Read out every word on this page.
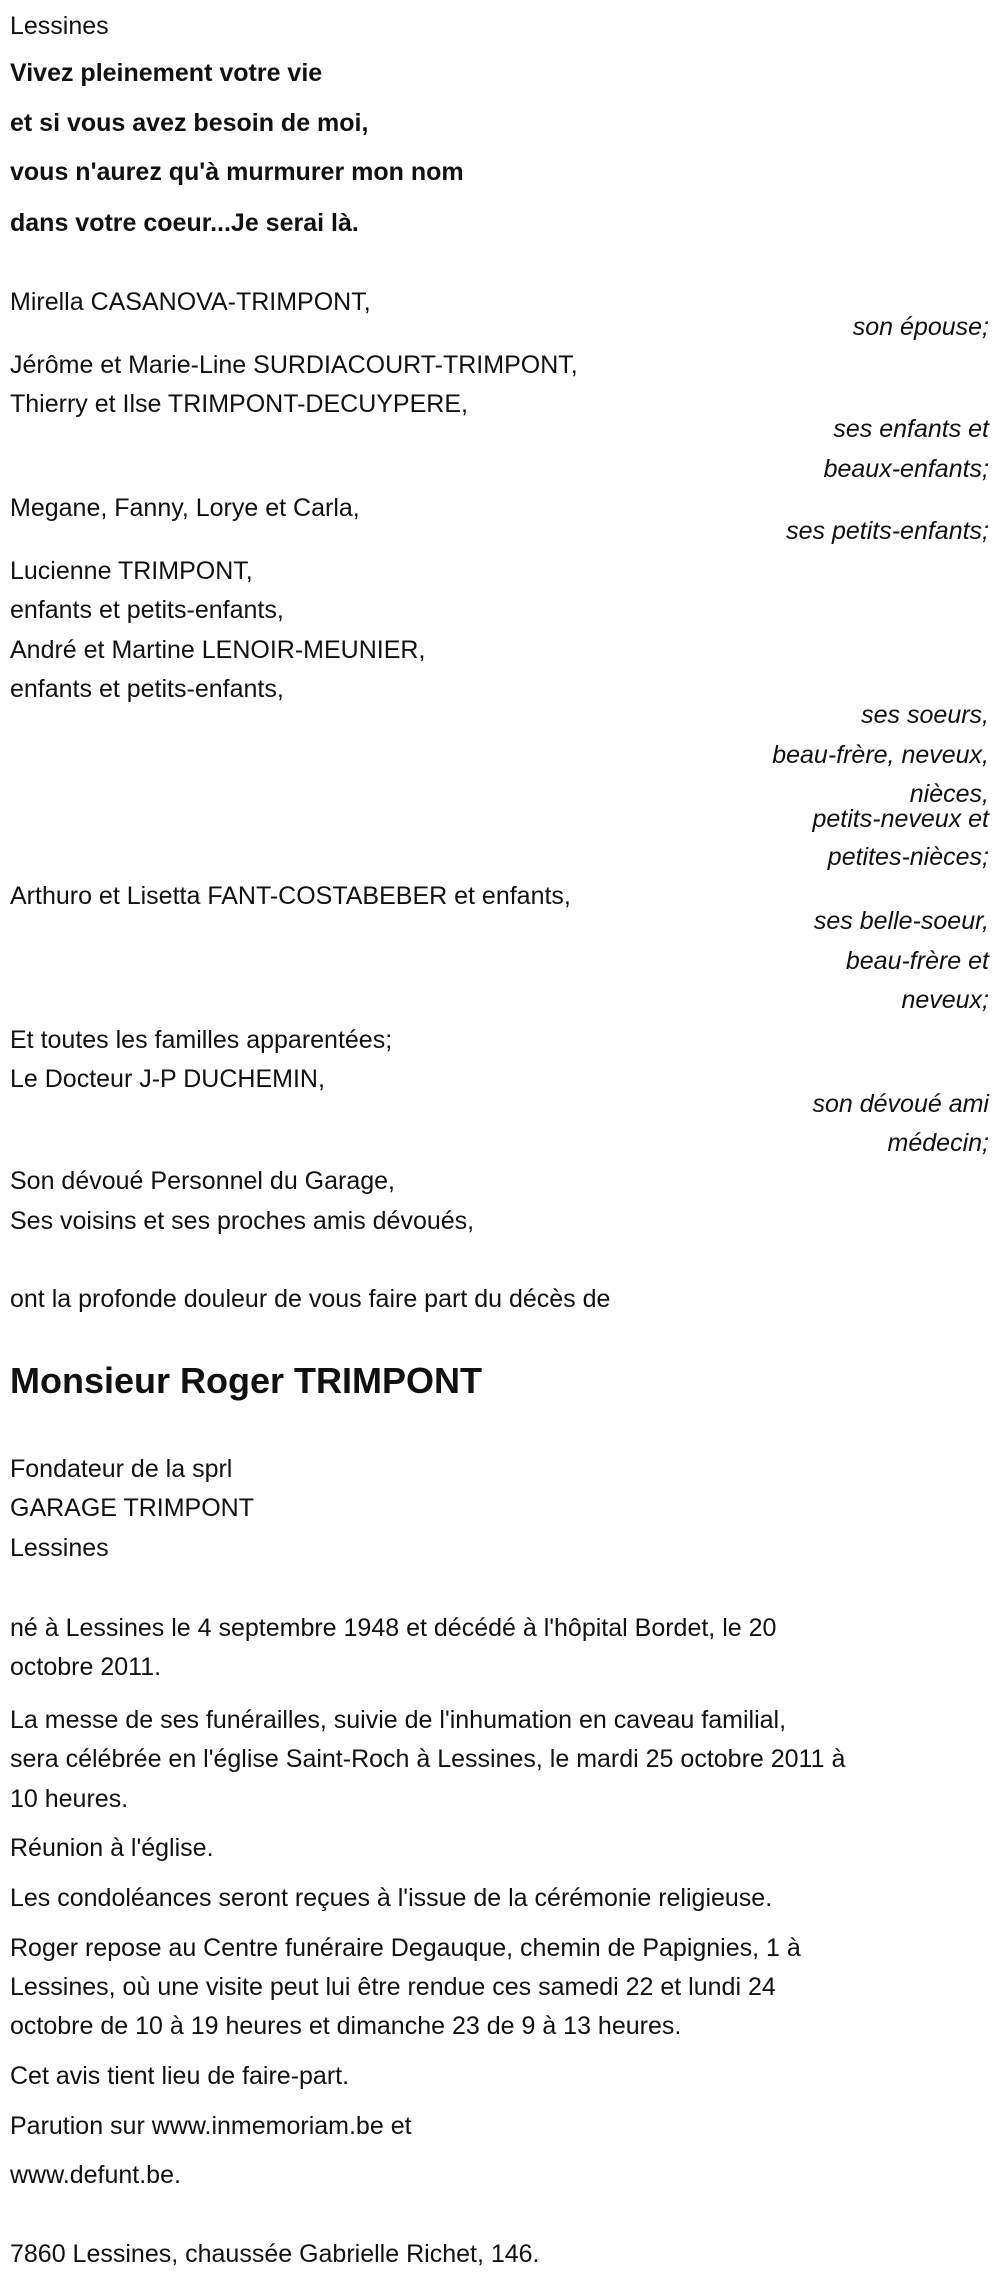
Lessines
Vivez pleinement votre vie
et si vous avez besoin de moi,
vous n'aurez qu'à murmurer mon nom
dans votre coeur...Je serai là.
Mirella CASANOVA-TRIMPONT,
son épouse;
Jérôme et Marie-Line SURDIACOURT-TRIMPONT,
Thierry et Ilse TRIMPONT-DECUYPERE,
ses enfants et
beaux-enfants;
Megane, Fanny, Lorye et Carla,
ses petits-enfants;
Lucienne TRIMPONT,
enfants et petits-enfants,
André et Martine LENOIR-MEUNIER,
enfants et petits-enfants,
ses soeurs,
beau-frère, neveux,
nièces,
petits-neveux et
petites-nièces;
Arthuro et Lisetta FANT-COSTABEBER et enfants,
ses belle-soeur,
beau-frère et
neveux;
Et toutes les familles apparentées;
Le Docteur J-P DUCHEMIN,
son dévoué ami
médecin;
Son dévoué Personnel du Garage,
Ses voisins et ses proches amis dévoués,
ont la profonde douleur de vous faire part du décès de
Monsieur Roger TRIMPONT
Fondateur de la sprl
GARAGE TRIMPONT
Lessines
né à Lessines le 4 septembre 1948 et décédé à l'hôpital Bordet, le 20
octobre 2011.
La messe de ses funérailles, suivie de l'inhumation en caveau familial,
sera célébrée en l'église Saint-Roch à Lessines, le mardi 25 octobre 2011 à
10 heures.
Réunion à l'église.
Les condoléances seront reçues à l'issue de la cérémonie religieuse.
Roger repose au Centre funéraire Degauque, chemin de Papignies, 1 à
Lessines, où une visite peut lui être rendue ces samedi 22 et lundi 24
octobre de 10 à 19 heures et dimanche 23 de 9 à 13 heures.
Cet avis tient lieu de faire-part.
Parution sur www.inmemoriam.be et
www.defunt.be.
7860 Lessines, chaussée Gabrielle Richet, 146.
